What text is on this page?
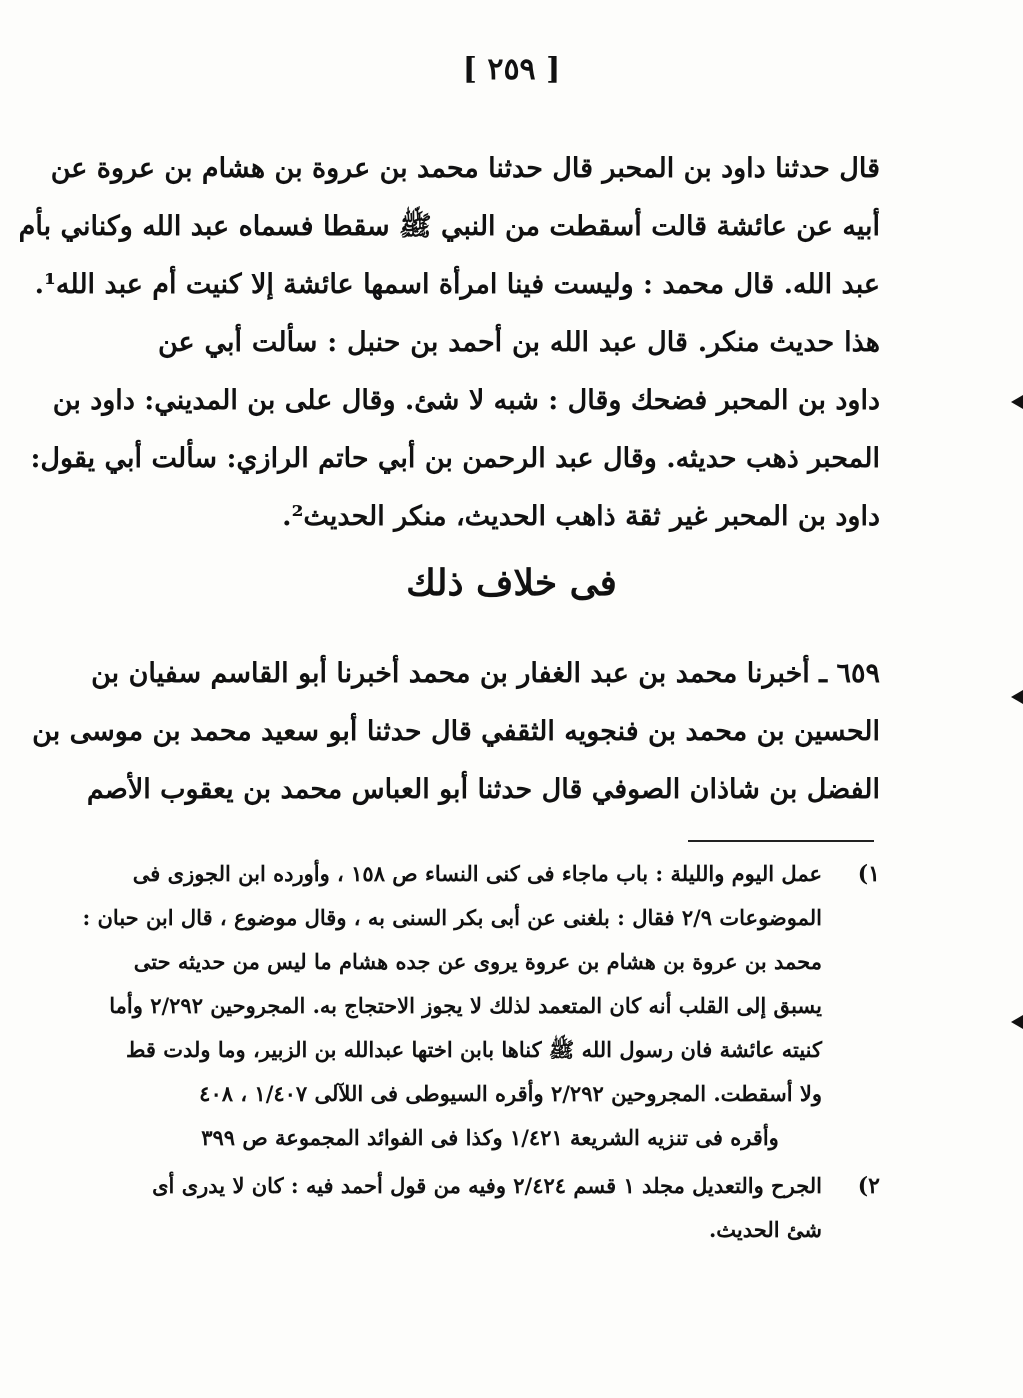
[ ٢٥٩ ]
قال حدثنا داود بن المحبر قال حدثنا محمد بن عروة بن هشام بن عروة عن
أبيه عن عائشة قالت أسقطت من النبي ﷺ سقطا فسماه عبد الله وكناني بأم
عبد الله. قال محمد : وليست فينا امرأة اسمها عائشة إلا كنيت أم عبد الله¹.
هذا حديث منكر. قال عبد الله بن أحمد بن حنبل : سألت أبي عن
داود بن المحبر فضحك وقال : شبه لا شئ. وقال على بن المديني: داود بن
المحبر ذهب حديثه. وقال عبد الرحمن بن أبي حاتم الرازي: سألت أبي يقول:
داود بن المحبر غير ثقة ذاهب الحديث، منكر الحديث².
فى خلاف ذلك
٦٥٩ ـ أخبرنا محمد بن عبد الغفار بن محمد أخبرنا أبو القاسم سفيان بن
الحسين بن محمد بن فنجويه الثقفي قال حدثنا أبو سعيد محمد بن موسى بن
الفضل بن شاذان الصوفي قال حدثنا أبو العباس محمد بن يعقوب الأصم
١)
عمل اليوم والليلة : باب ماجاء فى كنى النساء ص ١٥٨ ، وأورده ابن الجوزى فى
الموضوعات ٢/٩ فقال : بلغنى عن أبى بكر السنى به ، وقال موضوع ، قال ابن حبان :
محمد بن عروة بن هشام بن عروة يروى عن جده هشام ما ليس من حديثه حتى
يسبق إلى القلب أنه كان المتعمد لذلك لا يجوز الاحتجاج به. المجروحين ٢/٢٩٢ وأما
كنيته عائشة فان رسول الله ﷺ كناها بابن اختها عبدالله بن الزبير، وما ولدت قط
ولا أسقطت. المجروحين ٢/٢٩٢ وأقره السيوطى فى اللآلى ١/٤٠٧ ، ٤٠٨
وأقره فى تنزيه الشريعة ١/٤٢١ وكذا فى الفوائد المجموعة ص ٣٩٩
٢)
الجرح والتعديل مجلد ١ قسم ٢/٤٢٤ وفيه من قول أحمد فيه : كان لا يدرى أى
شئ الحديث.
